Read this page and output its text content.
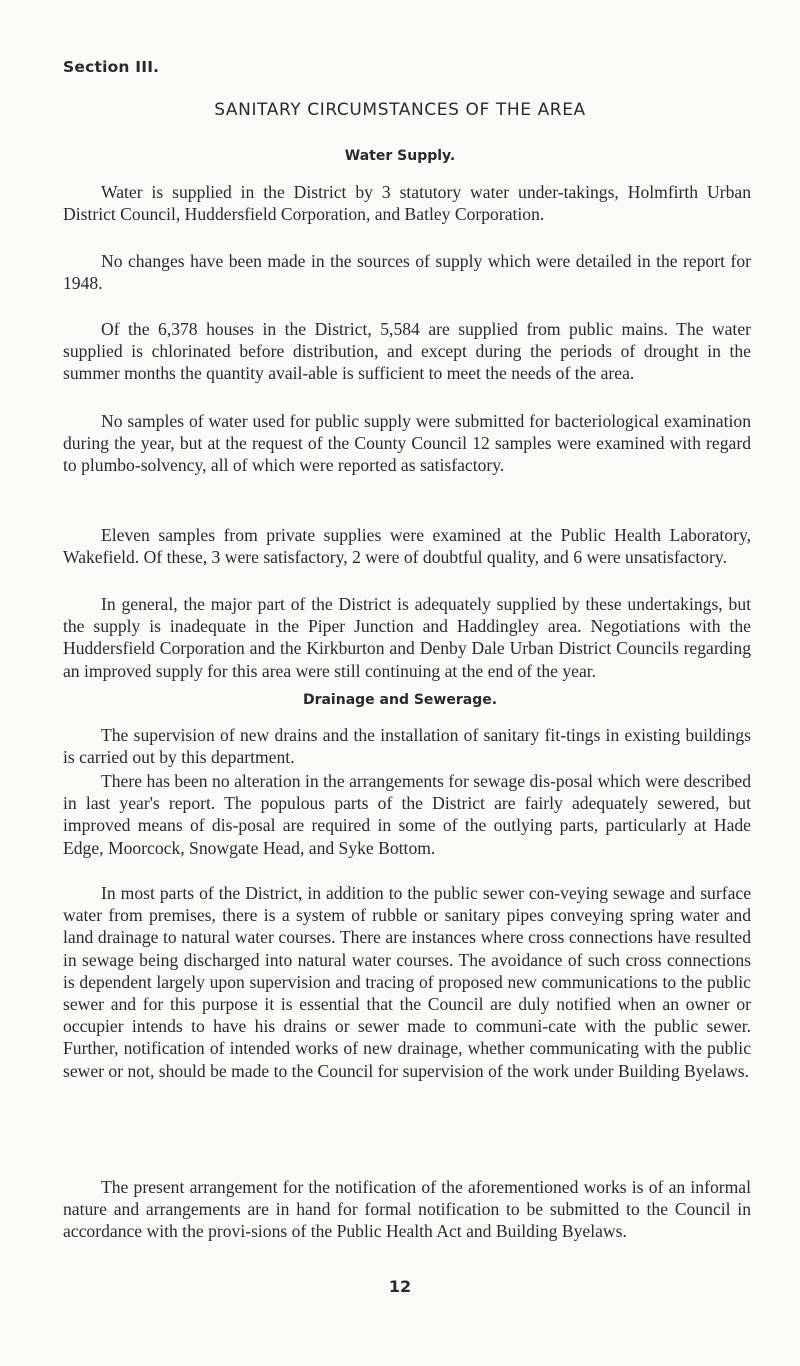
Section III.
SANITARY CIRCUMSTANCES OF THE AREA
Water Supply.

Water is supplied in the District by 3 statutory water under-takings, Holmfirth Urban District Council, Huddersfield Corporation, and Batley Corporation.

No changes have been made in the sources of supply which were detailed in the report for 1948.

Of the 6,378 houses in the District, 5,584 are supplied from public mains. The water supplied is chlorinated before distribution, and except during the periods of drought in the summer months the quantity avail-able is sufficient to meet the needs of the area.

No samples of water used for public supply were submitted for bacteriological examination during the year, but at the request of the County Council 12 samples were examined with regard to plumbo-solvency, all of which were reported as satisfactory.

Eleven samples from private supplies were examined at the Public Health Laboratory, Wakefield. Of these, 3 were satisfactory, 2 were of doubtful quality, and 6 were unsatisfactory.

In general, the major part of the District is adequately supplied by these undertakings, but the supply is inadequate in the Piper Junction and Haddingley area. Negotiations with the Huddersfield Corporation and the Kirkburton and Denby Dale Urban District Councils regarding an improved supply for this area were still continuing at the end of the year.

Drainage and Sewerage.

The supervision of new drains and the installation of sanitary fit-tings in existing buildings is carried out by this department.

There has been no alteration in the arrangements for sewage dis-posal which were described in last year's report. The populous parts of the District are fairly adequately sewered, but improved means of dis-posal are required in some of the outlying parts, particularly at Hade Edge, Moorcock, Snowgate Head, and Syke Bottom.

In most parts of the District, in addition to the public sewer con-veying sewage and surface water from premises, there is a system of rubble or sanitary pipes conveying spring water and land drainage to natural water courses. There are instances where cross connections have resulted in sewage being discharged into natural water courses. The avoidance of such cross connections is dependent largely upon supervision and tracing of proposed new communications to the public sewer and for this purpose it is essential that the Council are duly notified when an owner or occupier intends to have his drains or sewer made to communi-cate with the public sewer. Further, notification of intended works of new drainage, whether communicating with the public sewer or not, should be made to the Council for supervision of the work under Building Byelaws.

The present arrangement for the notification of the aforementioned works is of an informal nature and arrangements are in hand for formal notification to be submitted to the Council in accordance with the provi-sions of the Public Health Act and Building Byelaws.

12
